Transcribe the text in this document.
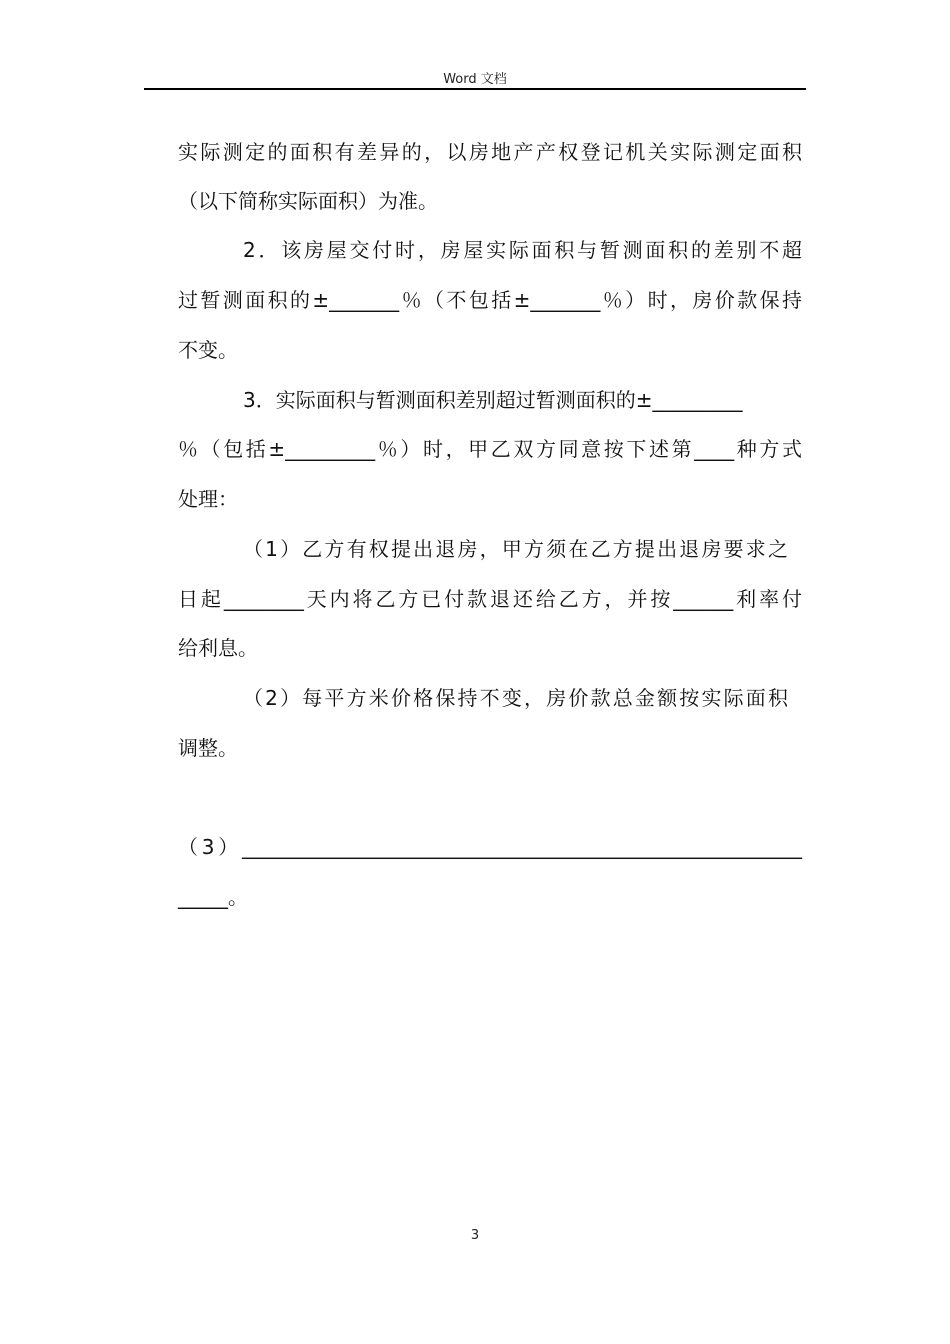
Word 文档
实际测定的面积有差异的，以房地产产权登记机关实际测定面积
（以下简称实际面积）为准。
2．该房屋交付时，房屋实际面积与暂测面积的差别不超
过暂测面积的±_______％（不包括±_______％）时，房价款保持
不变。
3．实际面积与暂测面积差别超过暂测面积的±_________
％（包括±_________％）时，甲乙双方同意按下述第____种方式
处理：
（1）乙方有权提出退房，甲方须在乙方提出退房要求之
日起________天内将乙方已付款退还给乙方，并按______利率付
给利息。
（2）每平方米价格保持不变，房价款总金额按实际面积
调整。
（3）________________________________________________________
_____。
3
